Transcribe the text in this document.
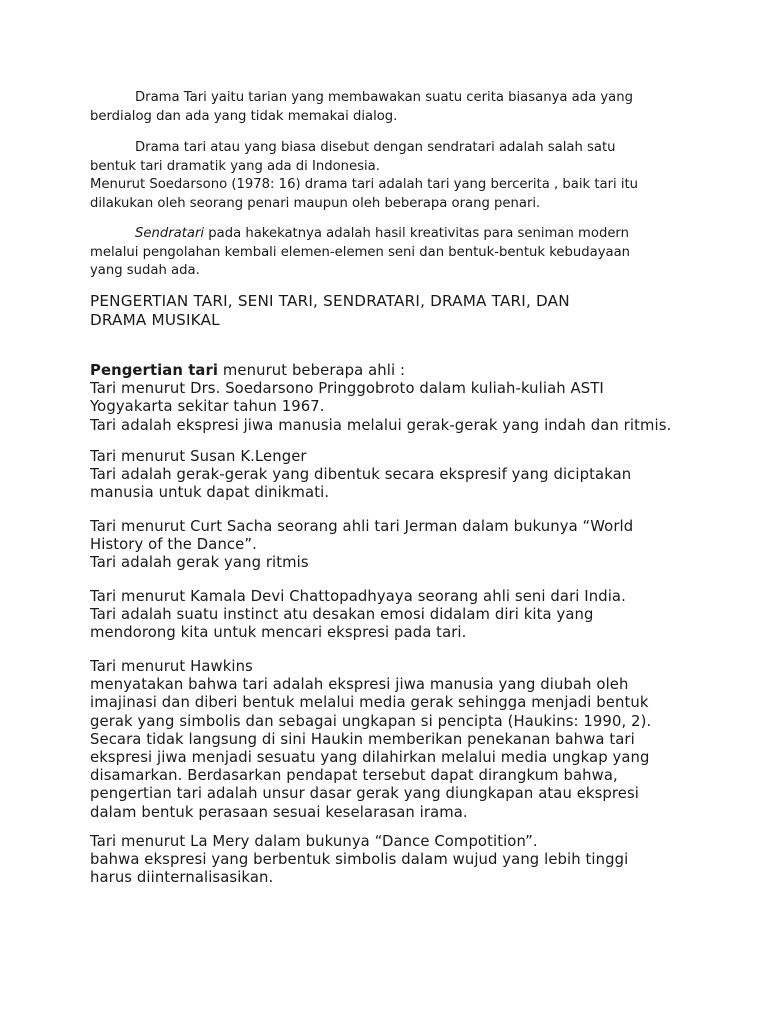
Drama Tari yaitu tarian yang membawakan suatu cerita biasanya ada yang
berdialog dan ada yang tidak memakai dialog.

Drama tari atau yang biasa disebut dengan sendratari adalah salah satu
bentuk tari dramatik yang ada di Indonesia.
Menurut Soedarsono (1978: 16) drama tari adalah tari yang bercerita , baik tari itu
dilakukan oleh seorang penari maupun oleh beberapa orang penari.

Sendratari pada hakekatnya adalah hasil kreativitas para seniman modern
melalui pengolahan kembali elemen-elemen seni dan bentuk-bentuk kebudayaan
yang sudah ada.

PENGERTIAN TARI, SENI TARI, SENDRATARI, DRAMA TARI, DAN
DRAMA MUSIKAL

Pengertian tari menurut beberapa ahli :
Tari menurut Drs. Soedarsono Pringgobroto dalam kuliah-kuliah ASTI
Yogyakarta sekitar tahun 1967.
Tari adalah ekspresi jiwa manusia melalui gerak-gerak yang indah dan ritmis.

Tari menurut Susan K.Lenger
Tari adalah gerak-gerak yang dibentuk secara ekspresif yang diciptakan
manusia untuk dapat dinikmati.

Tari menurut Curt Sacha seorang ahli tari Jerman dalam bukunya “World
History of the Dance”.
Tari adalah gerak yang ritmis

Tari menurut Kamala Devi Chattopadhyaya seorang ahli seni dari India.
Tari adalah suatu instinct atu desakan emosi didalam diri kita yang
mendorong kita untuk mencari ekspresi pada tari.

Tari menurut Hawkins
menyatakan bahwa tari adalah ekspresi jiwa manusia yang diubah oleh
imajinasi dan diberi bentuk melalui media gerak sehingga menjadi bentuk
gerak yang simbolis dan sebagai ungkapan si pencipta (Haukins: 1990, 2).
Secara tidak langsung di sini Haukin memberikan penekanan bahwa tari
ekspresi jiwa menjadi sesuatu yang dilahirkan melalui media ungkap yang
disamarkan. Berdasarkan pendapat tersebut dapat dirangkum bahwa,
pengertian tari adalah unsur dasar gerak yang diungkapan atau ekspresi
dalam bentuk perasaan sesuai keselarasan irama.

Tari menurut La Mery dalam bukunya “Dance Compotition”.
bahwa ekspresi yang berbentuk simbolis dalam wujud yang lebih tinggi
harus diinternalisasikan.
